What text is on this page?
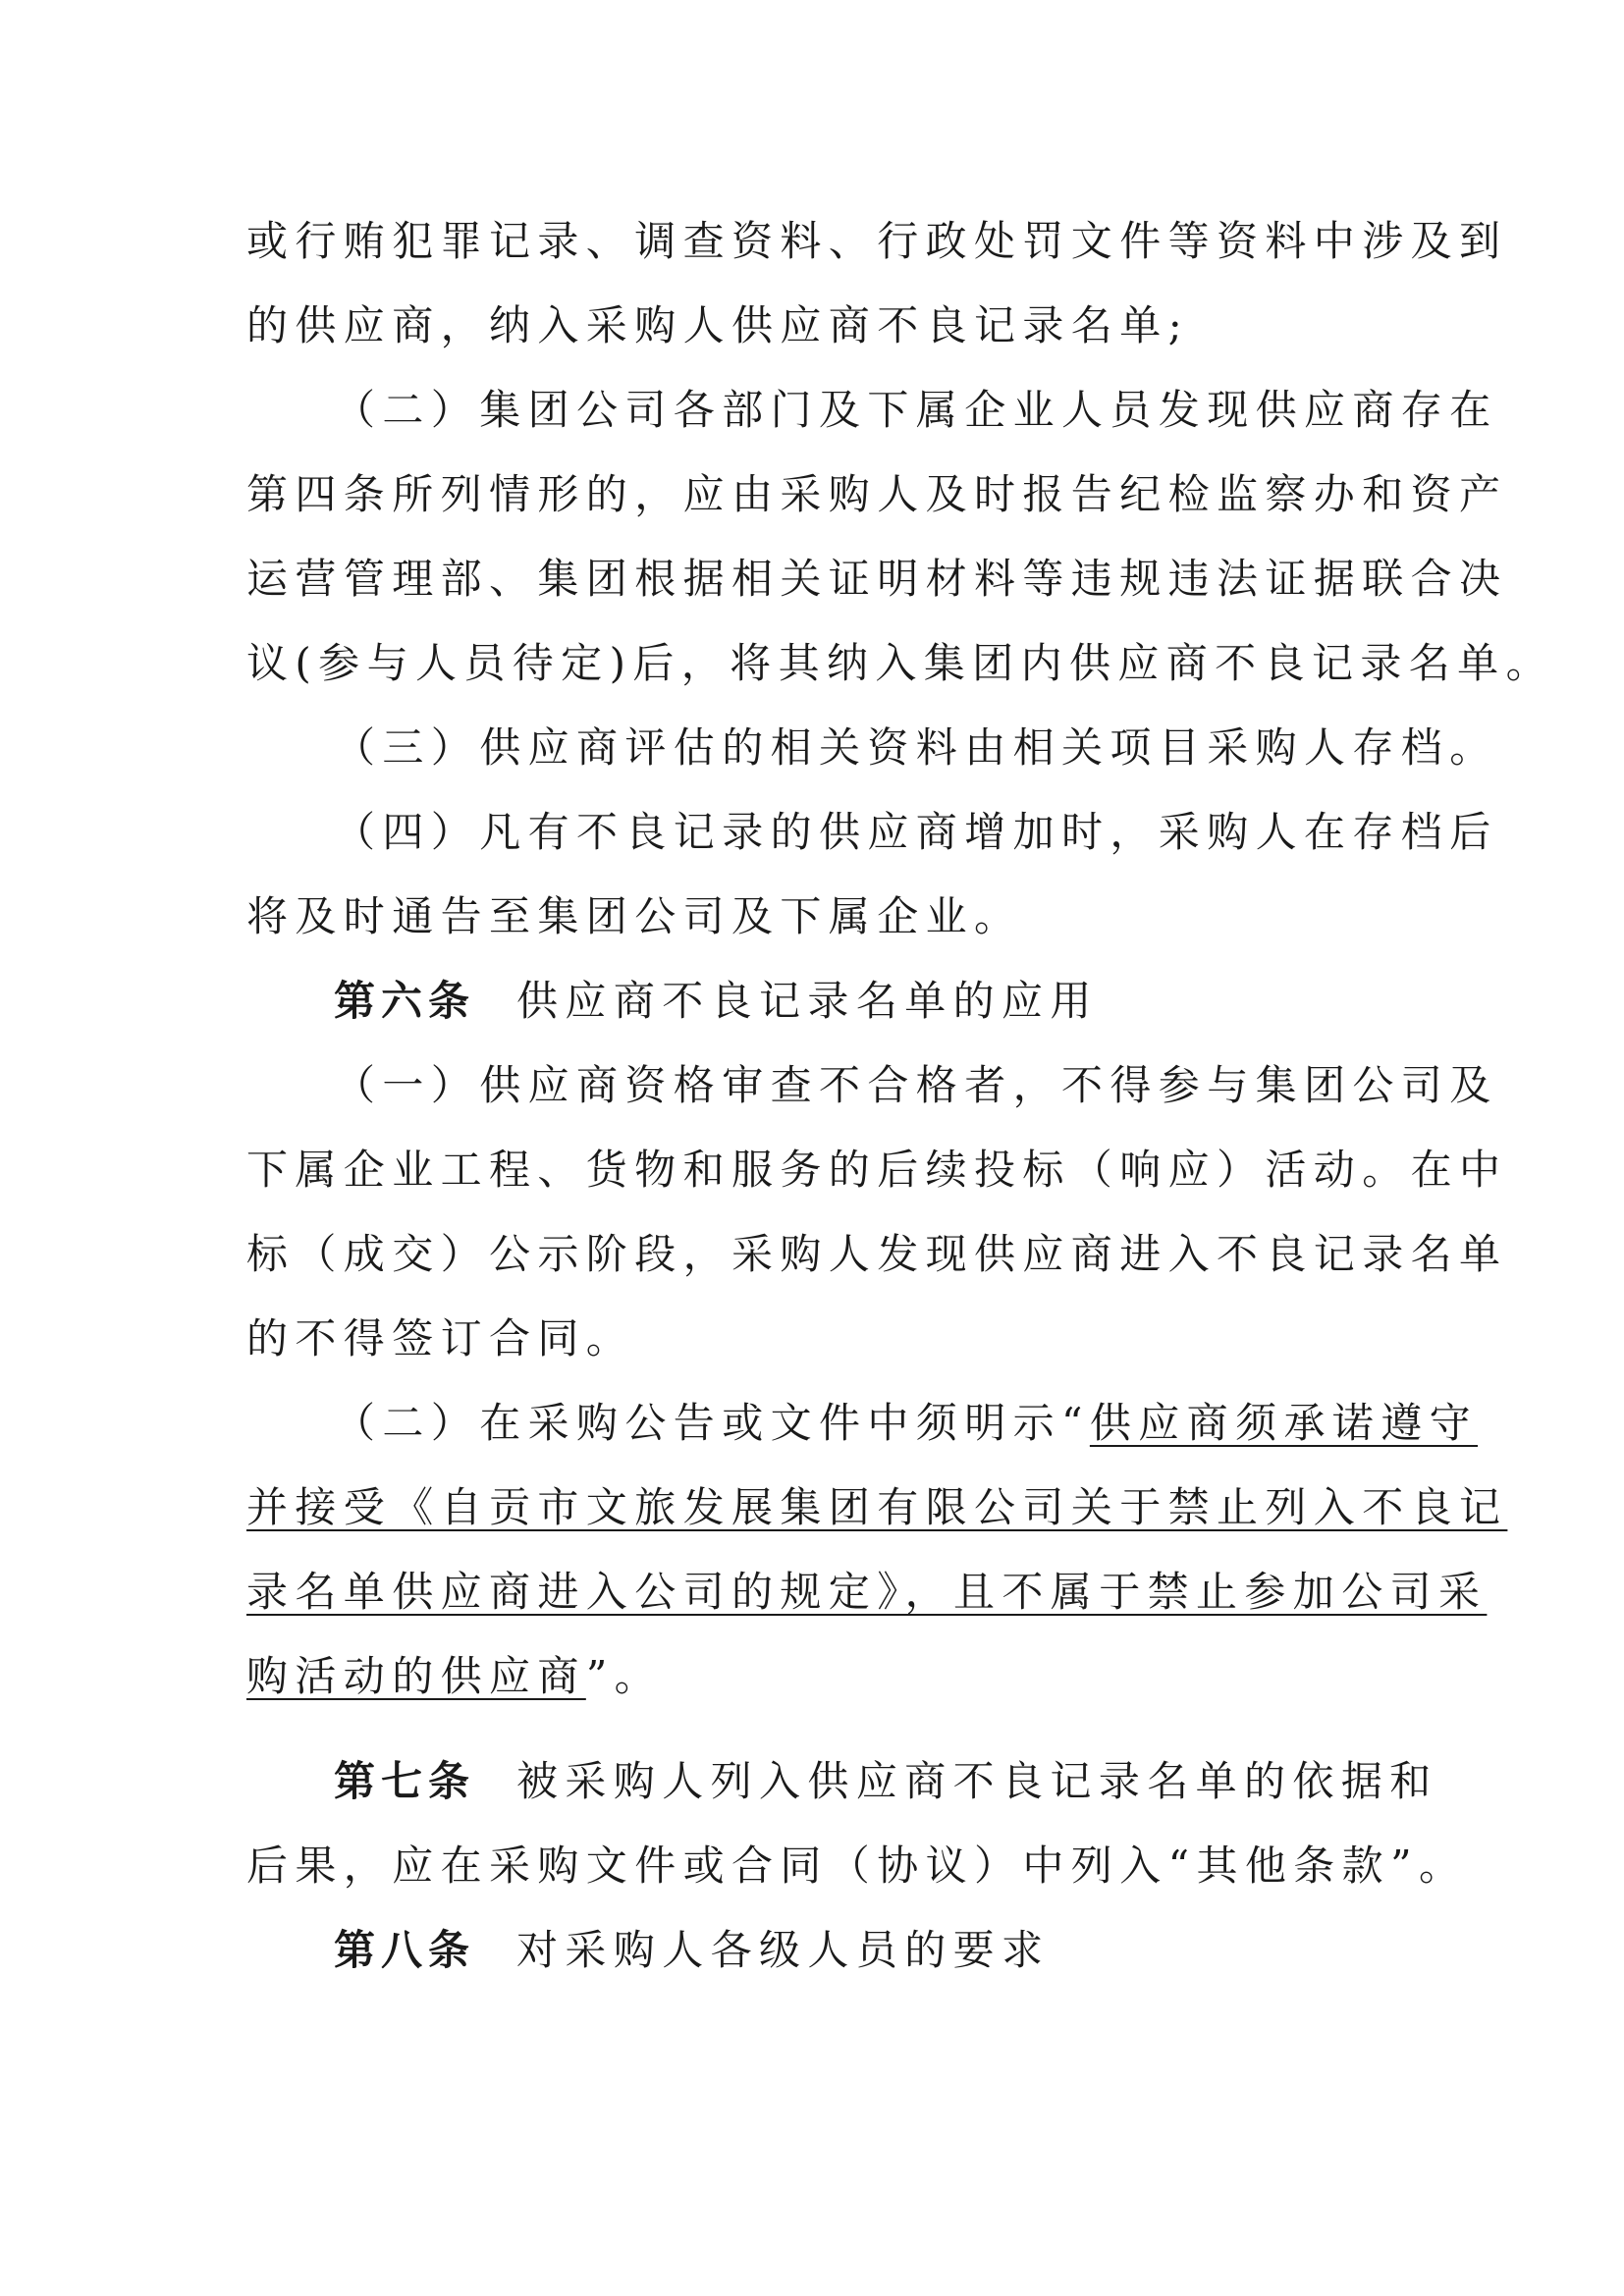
或行贿犯罪记录、调查资料、行政处罚文件等资料中涉及到
的供应商，纳入采购人供应商不良记录名单;
（二）集团公司各部门及下属企业人员发现供应商存在
第四条所列情形的，应由采购人及时报告纪检监察办和资产
运营管理部、集团根据相关证明材料等违规违法证据联合决
议(参与人员待定)后，将其纳入集团内供应商不良记录名单。
（三）供应商评估的相关资料由相关项目采购人存档。
（四）凡有不良记录的供应商增加时，采购人在存档后
将及时通告至集团公司及下属企业。
第六条 供应商不良记录名单的应用
（一）供应商资格审查不合格者，不得参与集团公司及
下属企业工程、货物和服务的后续投标（响应）活动。在中
标（成交）公示阶段，采购人发现供应商进入不良记录名单
的不得签订合同。
（二）在采购公告或文件中须明示“供应商须承诺遵守
并接受《自贡市文旅发展集团有限公司关于禁止列入不良记
录名单供应商进入公司的规定》，且不属于禁止参加公司采
购活动的供应商”。
第七条 被采购人列入供应商不良记录名单的依据和
后果，应在采购文件或合同（协议）中列入“其他条款”。
第八条 对采购人各级人员的要求
